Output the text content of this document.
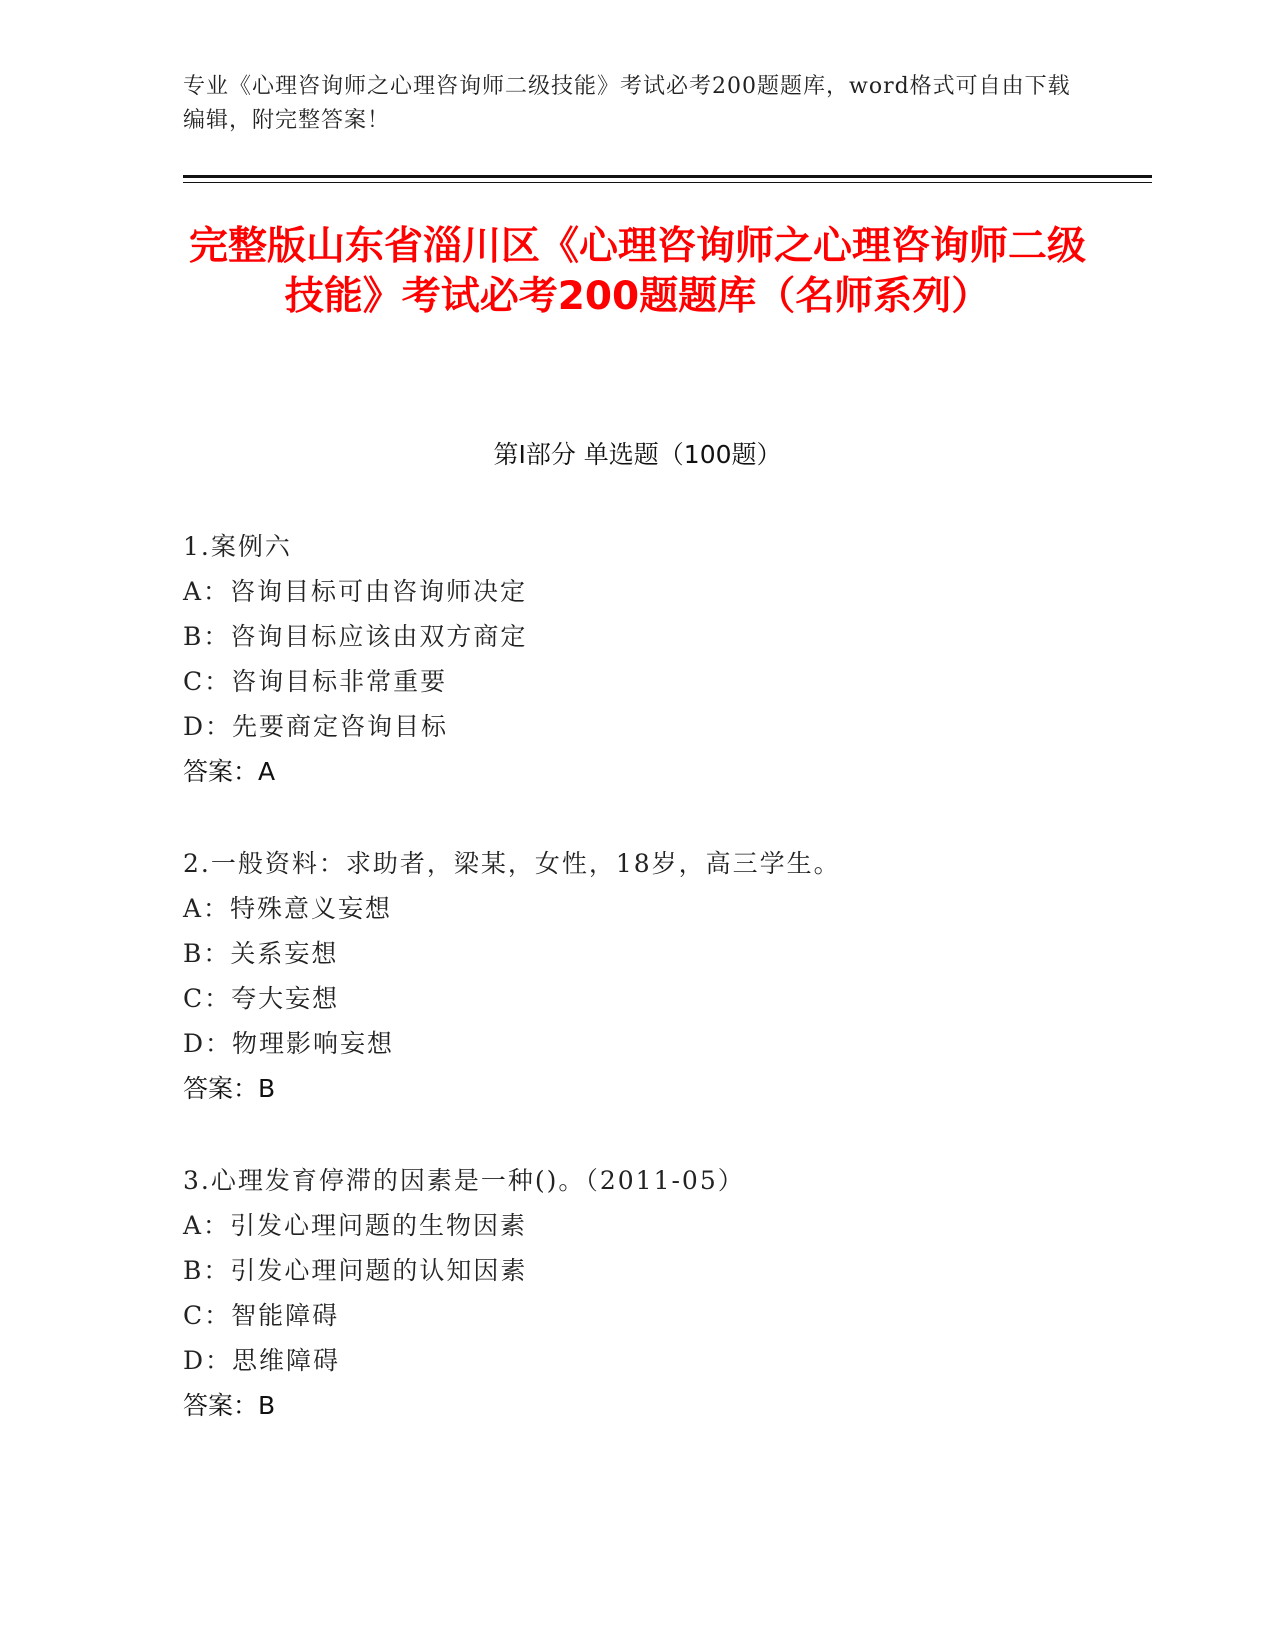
专业《心理咨询师之心理咨询师二级技能》考试必考200题题库，word格式可自由下载编辑，附完整答案！
完整版山东省淄川区《心理咨询师之心理咨询师二级技能》考试必考200题题库（名师系列）
第I部分 单选题（100题）
1.案例六
A：咨询目标可由咨询师决定
B：咨询目标应该由双方商定
C：咨询目标非常重要
D：先要商定咨询目标
答案：A
2.一般资料：求助者，梁某，女性，18岁，高三学生。
A：特殊意义妄想
B：关系妄想
C：夸大妄想
D：物理影响妄想
答案：B
3.心理发育停滞的因素是一种()。（2011-05）
A：引发心理问题的生物因素
B：引发心理问题的认知因素
C：智能障碍
D：思维障碍
答案：B
